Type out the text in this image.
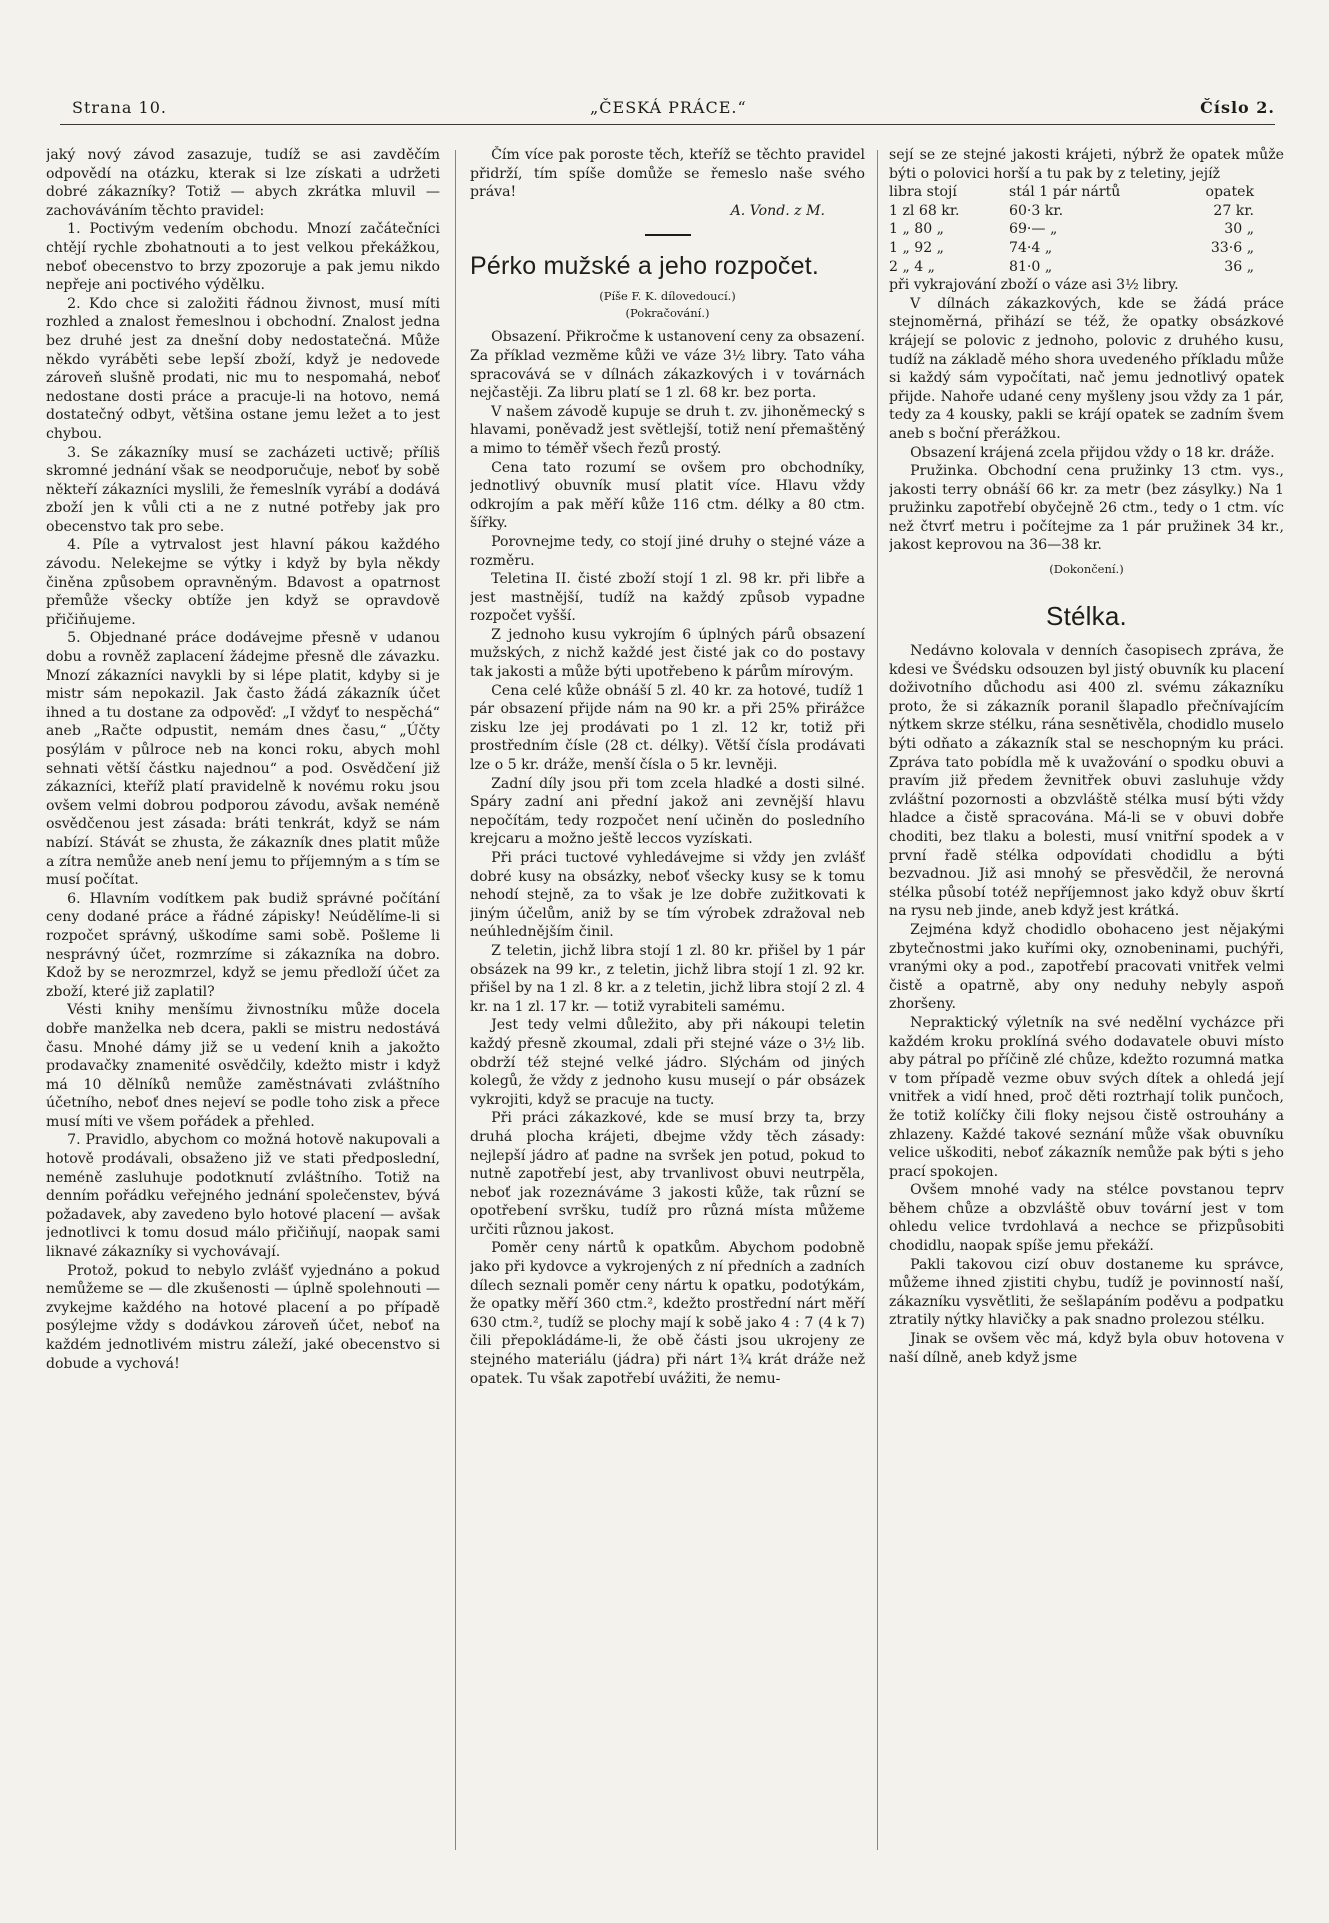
Strana 10.	„ČESKÁ PRÁCE.“	Číslo 2.

jaký nový závod zasazuje, tudíž se asi zavděčím odpovědí na otázku, kterak si lze získati a udržeti dobré zákazníky? Totiž — abych zkrátka mluvil — zachováváním těchto pravidel:

1. Poctivým vedením obchodu. Mnozí začátečníci chtějí rychle zbohatnouti a to jest velkou překážkou, neboť obecenstvo to brzy zpozoruje a pak jemu nikdo nepřeje ani poctivého výdělku.

2. Kdo chce si založiti řádnou živnost, musí míti rozhled a znalost řemeslnou i obchodní. Znalost jedna bez druhé jest za dnešní doby nedostatečná. Může někdo vyráběti sebe lepší zboží, když je nedovede zároveň slušně prodati, nic mu to nespomahá, neboť nedostane dosti práce a pracuje-li na hotovo, nemá dostatečný odbyt, většina ostane jemu ležet a to jest chybou.

3. Se zákazníky musí se zacházeti uctivě; příliš skromné jednání však se neodporučuje, neboť by sobě někteří zákazníci myslili, že řemeslník vyrábí a dodává zboží jen k vůli cti a ne z nutné potřeby jak pro obecenstvo tak pro sebe.

4. Píle a vytrvalost jest hlavní pákou každého závodu. Nelekejme se výtky i když by byla někdy činěna způsobem opravněným. Bdavost a opatrnost přemůže všecky obtíže jen když se opravdově přičiňujeme.

5. Objednané práce dodávejme přesně v udanou dobu a rovněž zaplacení žádejme přesně dle závazku. Mnozí zákazníci navykli by si lépe platit, kdyby si je mistr sám nepokazil. Jak často žádá zákazník účet ihned a tu dostane za odpověď: „I vždyť to nespěchá“ aneb „Račte odpustit, nemám dnes času,“ „Účty posýlám v půlroce neb na konci roku, abych mohl sehnati větší částku najednou“ a pod. Osvědčení již zákazníci, kteříž platí pravidelně k novému roku jsou ovšem velmi dobrou podporou závodu, avšak neméně osvědčenou jest zásada: bráti tenkrát, když se nám nabízí. Stávát se zhusta, že zákazník dnes platit může a zítra nemůže aneb není jemu to příjemným a s tím se musí počítat.

6. Hlavním vodítkem pak budiž správné počítání ceny dodané práce a řádné zápisky! Neúdělíme-li si rozpočet správný, uškodíme sami sobě. Pošleme li nesprávný účet, rozmrzíme si zákazníka na dobro. Kdož by se nerozmrzel, když se jemu předloží účet za zboží, které již zaplatil?

Vésti knihy menšímu živnostníku může docela dobře manželka neb dcera, pakli se mistru nedostává času. Mnohé dámy již se u vedení knih a jakožto prodavačky znamenité osvědčily, kdežto mistr i když má 10 dělníků nemůže zaměstnávati zvláštního účetního, neboť dnes nejeví se podle toho zisk a přece musí míti ve všem pořádek a přehled.

7. Pravidlo, abychom co možná hotově nakupovali a hotově prodávali, obsaženo již ve stati předposlední, neméně zasluhuje podotknutí zvláštního. Totiž na denním pořádku veřejného jednání společenstev, bývá požadavek, aby zavedeno bylo hotové placení — avšak jednotlivci k tomu dosud málo přičiňují, naopak sami liknavé zákazníky si vychovávají.

Protož, pokud to nebylo zvlášť vyjednáno a pokud nemůžeme se — dle zkušenosti — úplně spolehnouti — zvykejme každého na hotové placení a po případě posýlejme vždy s dodávkou zároveň účet, neboť na každém jednotlivém mistru záleží, jaké obecenstvo si dobude a vychová!

Čím více pak poroste těch, kteříž se těchto pravidel přidrží, tím spíše domůže se řemeslo naše svého práva!

A. Vond. z M.

Pérko mužské a jeho rozpočet.
(Píše F. K. dílovedoucí.)
(Pokračování.)

Obsazení. Přikročme k ustanovení ceny za obsazení. Za příklad vezměme kůži ve váze 3½ libry. Tato váha spracovává se v dílnách zákazkových i v továrnách nejčastěji. Za libru platí se 1 zl. 68 kr. bez porta.

V našem závodě kupuje se druh t. zv. jihoněmecký s hlavami, poněvadž jest světlejší, totiž není přemaštěný a mimo to téměř všech řezů prostý.

Cena tato rozumí se ovšem pro obchodníky, jednotlivý obuvník musí platit více. Hlavu vždy odkrojím a pak měří kůže 116 ctm. délky a 80 ctm. šířky.

Porovnejme tedy, co stojí jiné druhy o stejné váze a rozměru.

Teletina II. čisté zboží stojí 1 zl. 98 kr. při libře a jest mastnější, tudíž na každý způsob vypadne rozpočet vyšší.

Z jednoho kusu vykrojím 6 úplných párů obsazení mužských, z nichž každé jest čisté jak co do postavy tak jakosti a může býti upotřebeno k párům mírovým.

Cena celé kůže obnáší 5 zl. 40 kr. za hotové, tudíž 1 pár obsazení přijde nám na 90 kr. a při 25% přirážce zisku lze jej prodávati po 1 zl. 12 kr, totiž při prostředním čísle (28 ct. délky). Větší čísla prodávati lze o 5 kr. dráže, menší čísla o 5 kr. levněji.

Zadní díly jsou při tom zcela hladké a dosti silné. Spáry zadní ani přední jakož ani zevnější hlavu nepočítám, tedy rozpočet není učiněn do posledního krejcaru a možno ještě leccos vyzískati.

Při práci tuctové vyhledávejme si vždy jen zvlášť dobré kusy na obsázky, neboť všecky kusy se k tomu nehodí stejně, za to však je lze dobře zužitkovati k jiným účelům, aniž by se tím výrobek zdražoval neb neúhlednějším činil.

Z teletin, jichž libra stojí 1 zl. 80 kr. přišel by 1 pár obsázek na 99 kr., z teletin, jichž libra stojí 1 zl. 92 kr. přišel by na 1 zl. 8 kr. a z teletin, jichž libra stojí 2 zl. 4 kr. na 1 zl. 17 kr. — totiž vyrabiteli samému.

Jest tedy velmi důležito, aby při nákoupi teletin každý přesně zkoumal, zdali při stejné váze o 3½ lib. obdrží též stejné velké jádro. Slýchám od jiných kolegů, že vždy z jednoho kusu musejí o pár obsázek vykrojiti, když se pracuje na tucty.

Při práci zákazkové, kde se musí brzy ta, brzy druhá plocha krájeti, dbejme vždy těch zásady: nejlepší jádro ať padne na svršek jen potud, pokud to nutně zapotřebí jest, aby trvanlivost obuvi neutrpěla, neboť jak rozeznáváme 3 jakosti kůže, tak různí se opotřebení svršku, tudíž pro různá místa můžeme určiti různou jakost.

Poměr ceny nártů k opatkům. Abychom podobně jako při kydovce a vykrojených z ní předních a zadních dílech seznali poměr ceny nártu k opatku, podotýkám, že opatky měří 360 ctm.², kdežto prostřední nárt měří 630 ctm.², tudíž se plochy mají k sobě jako 4 : 7 (4 k 7) čili přepokládáme-li, že obě části jsou ukrojeny ze stejného materiálu (jádra) při nárt 1¾ krát dráže než opatek. Tu však zapotřebí uvážiti, že nemu-

sejí se ze stejné jakosti krájeti, nýbrž že opatek může býti o polovici horší a tu pak by z teletiny, jejíž

libra stojí	stál 1 pár nártů	opatek
1 zl 68 kr.	60·3 kr.	27 kr.
1 „ 80 „	69·— „	30 „
1 „ 92 „	74·4 „	33·6 „
2 „ 4 „	81·0 „	36 „

při vykrajování zboží o váze asi 3½ libry.

V dílnách zákazkových, kde se žádá práce stejnoměrná, přihází se též, že opatky obsázkové krájejí se polovic z jednoho, polovic z druhého kusu, tudíž na základě mého shora uvedeného příkladu může si každý sám vypočítati, nač jemu jednotlivý opatek přijde. Nahoře udané ceny myšleny jsou vždy za 1 pár, tedy za 4 kousky, pakli se krájí opatek se zadním švem aneb s boční přerážkou.

Obsazení krájená zcela přijdou vždy o 18 kr. dráže.

Pružinka. Obchodní cena pružinky 13 ctm. vys., jakosti terry obnáší 66 kr. za metr (bez zásylky.) Na 1 pružinku zapotřebí obyčejně 26 ctm., tedy o 1 ctm. víc než čtvrť metru i počítejme za 1 pár pružinek 34 kr., jakost keprovou na 36—38 kr.

(Dokončení.)
Stélka.

Nedávno kolovala v denních časopisech zpráva, že kdesi ve Švédsku odsouzen byl jistý obuvník ku placení doživotního důchodu asi 400 zl. svému zákazníku proto, že si zákazník poranil šlapadlo přečnívajícím nýtkem skrze stélku, rána sesnětivěla, chodidlo muselo býti odňato a zákazník stal se neschopným ku práci. Zpráva tato pobídla mě k uvažování o spodku obuvi a pravím již předem ževnitřek obuvi zasluhuje vždy zvláštní pozornosti a obzvláště stélka musí býti vždy hladce a čistě spracována. Má-li se v obuvi dobře choditi, bez tlaku a bolesti, musí vnitřní spodek a v první řadě stélka odpovídati chodidlu a býti bezvadnou. Již asi mnohý se přesvědčil, že nerovná stélka působí totéž nepříjemnost jako když obuv škrtí na rysu neb jinde, aneb když jest krátká.

Zejména když chodidlo obohaceno jest nějakými zbytečnostmi jako kuřími oky, oznobeninami, puchýři, vranými oky a pod., zapotřebí pracovati vnitřek velmi čistě a opatrně, aby ony neduhy nebyly aspoň zhoršeny.

Nepraktický výletník na své nedělní vycházce při každém kroku proklíná svého dodavatele obuvi místo aby pátral po příčině zlé chůze, kdežto rozumná matka v tom případě vezme obuv svých dítek a ohledá její vnitřek a vidí hned, proč děti roztrhají tolik punčoch, že totiž kolíčky čili floky nejsou čistě ostrouhány a zhlazeny. Každé takové seznání může však obuvníku velice uškoditi, neboť zákazník nemůže pak býti s jeho prací spokojen.

Ovšem mnohé vady na stélce povstanou teprv během chůze a obzvláště obuv tovární jest v tom ohledu velice tvrdohlavá a nechce se přizpůsobiti chodidlu, naopak spíše jemu překáží.

Pakli takovou cizí obuv dostaneme ku správce, můžeme ihned zjistiti chybu, tudíž je povinností naší, zákazníku vysvětliti, že sešlapáním poděvu a podpatku ztratily nýtky hlavičky a pak snadno prolezou stélku.

Jinak se ovšem věc má, když byla obuv hotovena v naší dílně, aneb když jsme
